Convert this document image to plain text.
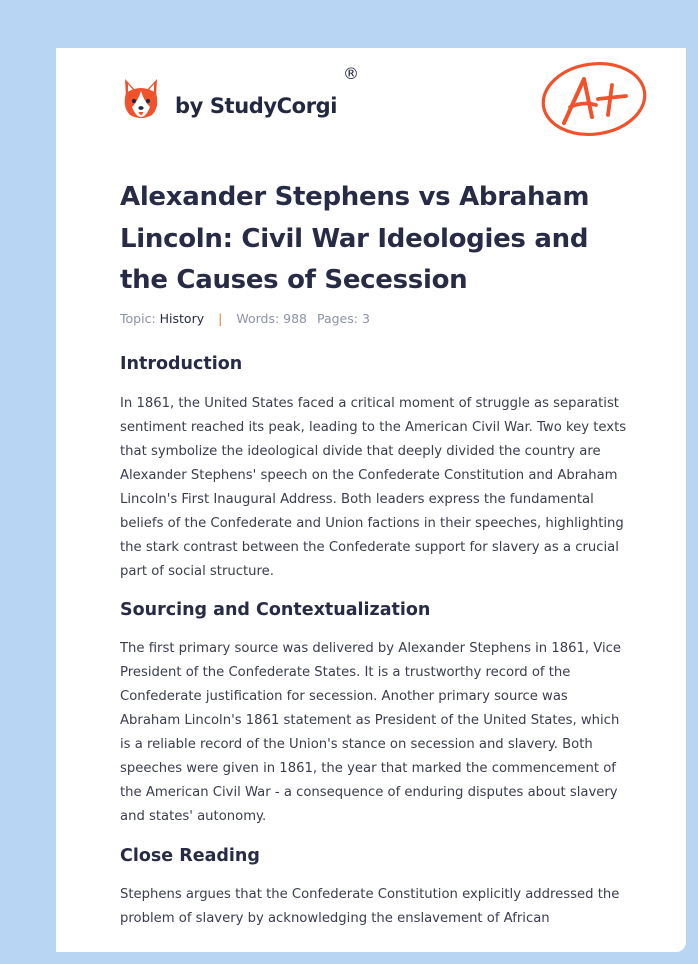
by StudyCorgi
®
Alexander Stephens vs Abraham Lincoln: Civil War Ideologies and the Causes of Secession
Topic: History | Words: 988 Pages: 3
Introduction

In 1861, the United States faced a critical moment of struggle as separatist sentiment reached its peak, leading to the American Civil War. Two key texts that symbolize the ideological divide that deeply divided the country are Alexander Stephens' speech on the Confederate Constitution and Abraham Lincoln's First Inaugural Address. Both leaders express the fundamental beliefs of the Confederate and Union factions in their speeches, highlighting the stark contrast between the Confederate support for slavery as a crucial part of social structure.

Sourcing and Contextualization

The first primary source was delivered by Alexander Stephens in 1861, Vice President of the Confederate States. It is a trustworthy record of the Confederate justification for secession. Another primary source was Abraham Lincoln's 1861 statement as President of the United States, which is a reliable record of the Union's stance on secession and slavery. Both speeches were given in 1861, the year that marked the commencement of the American Civil War - a consequence of enduring disputes about slavery and states' autonomy.

Close Reading

Stephens argues that the Confederate Constitution explicitly addressed the problem of slavery by acknowledging the enslavement of African
